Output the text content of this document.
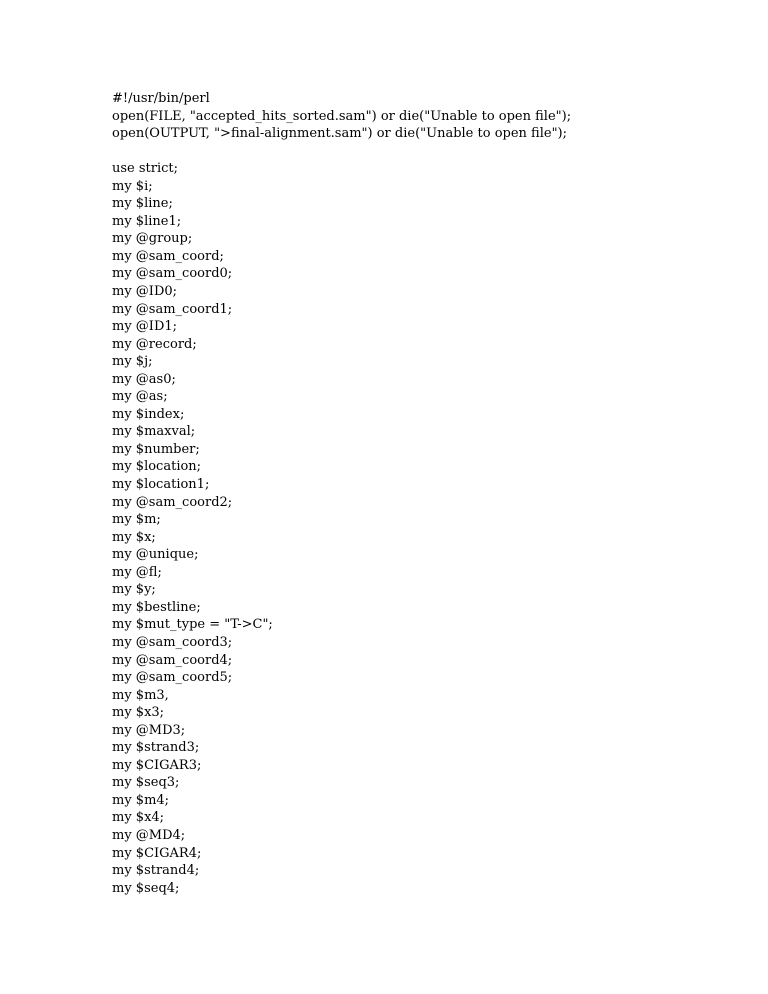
#!/usr/bin/perl
open(FILE, "accepted_hits_sorted.sam") or die("Unable to open file");
open(OUTPUT, ">final-alignment.sam") or die("Unable to open file");
use strict;
my $i;
my $line;
my $line1;
my @group;
my @sam_coord;
my @sam_coord0;
my @ID0;
my @sam_coord1;
my @ID1;
my @record;
my $j;
my @as0;
my @as;
my $index;
my $maxval;
my $number;
my $location;
my $location1;
my @sam_coord2;
my $m;
my $x;
my @unique;
my @fl;
my $y;
my $bestline;
my $mut_type = "T->C";
my @sam_coord3;
my @sam_coord4;
my @sam_coord5;
my $m3,
my $x3;
my @MD3;
my $strand3;
my $CIGAR3;
my $seq3;
my $m4;
my $x4;
my @MD4;
my $CIGAR4;
my $strand4;
my $seq4;
